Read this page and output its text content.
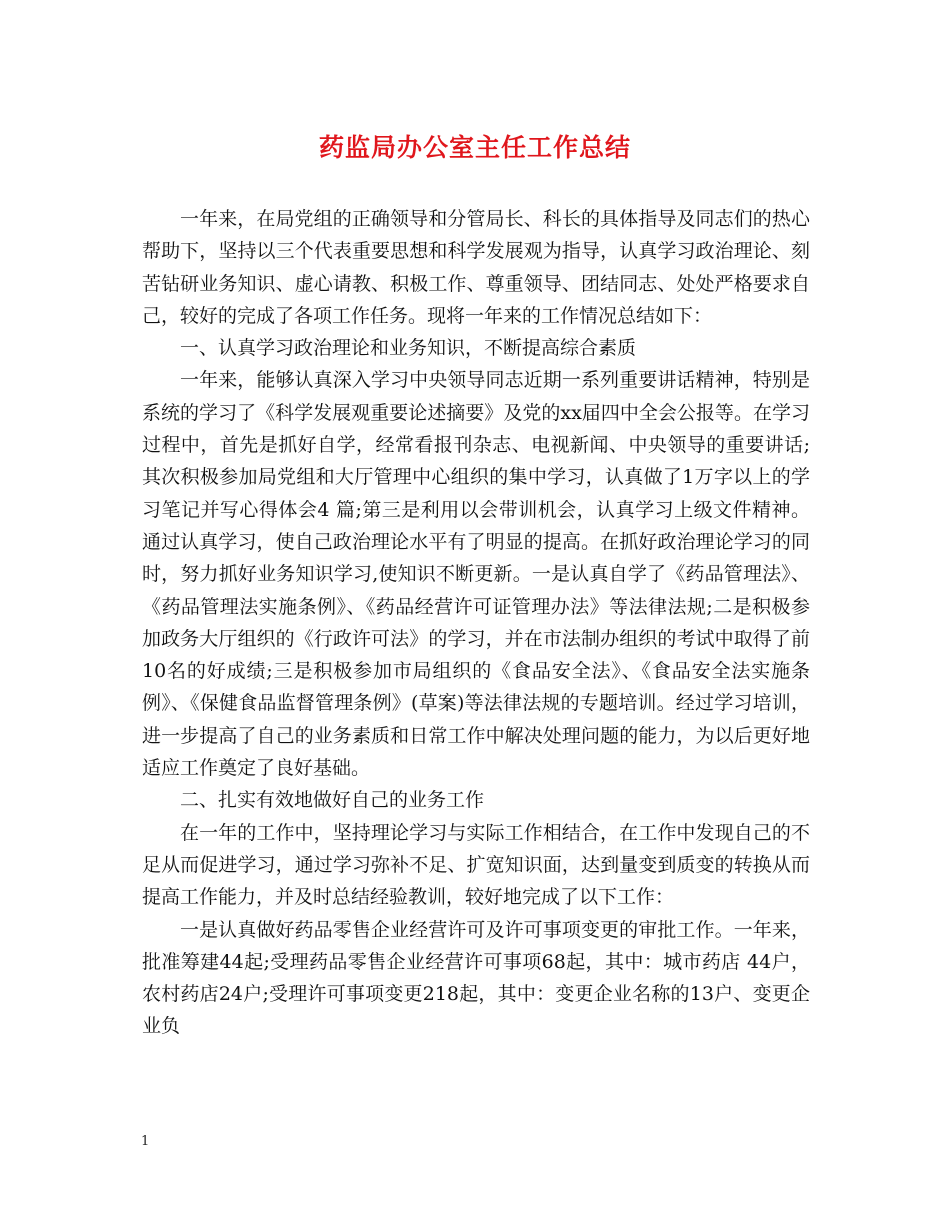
药监局办公室主任工作总结

一年来，在局党组的正确领导和分管局长、科长的具体指导及同志们的热心帮助下，坚持以三个代表重要思想和科学发展观为指导，认真学习政治理论、刻苦钻研业务知识、虚心请教、积极工作、尊重领导、团结同志、处处严格要求自己，较好的完成了各项工作任务。现将一年来的工作情况总结如下：

一、认真学习政治理论和业务知识，不断提高综合素质

一年来，能够认真深入学习中央领导同志近期一系列重要讲话精神，特别是系统的学习了《科学发展观重要论述摘要》及党的xx届四中全会公报等。在学习过程中，首先是抓好自学，经常看报刊杂志、电视新闻、中央领导的重要讲话;其次积极参加局党组和大厅管理中心组织的集中学习，认真做了1万字以上的学习笔记并写心得体会4 篇;第三是利用以会带训机会，认真学习上级文件精神。通过认真学习，使自己政治理论水平有了明显的提高。在抓好政治理论学习的同时，努力抓好业务知识学习,使知识不断更新。一是认真自学了《药品管理法》、《药品管理法实施条例》、《药品经营许可证管理办法》等法律法规;二是积极参加政务大厅组织的《行政许可法》的学习，并在市法制办组织的考试中取得了前10名的好成绩;三是积极参加市局组织的《食品安全法》、《食品安全法实施条例》、《保健食品监督管理条例》(草案)等法律法规的专题培训。经过学习培训，进一步提高了自己的业务素质和日常工作中解决处理问题的能力，为以后更好地适应工作奠定了良好基础。

二、扎实有效地做好自己的业务工作

在一年的工作中，坚持理论学习与实际工作相结合，在工作中发现自己的不足从而促进学习，通过学习弥补不足、扩宽知识面，达到量变到质变的转换从而提高工作能力，并及时总结经验教训，较好地完成了以下工作：

一是认真做好药品零售企业经营许可及许可事项变更的审批工作。一年来，批准筹建44起;受理药品零售企业经营许可事项68起，其中：城市药店 44户，农村药店24户;受理许可事项变更218起，其中：变更企业名称的13户、变更企业负

1
